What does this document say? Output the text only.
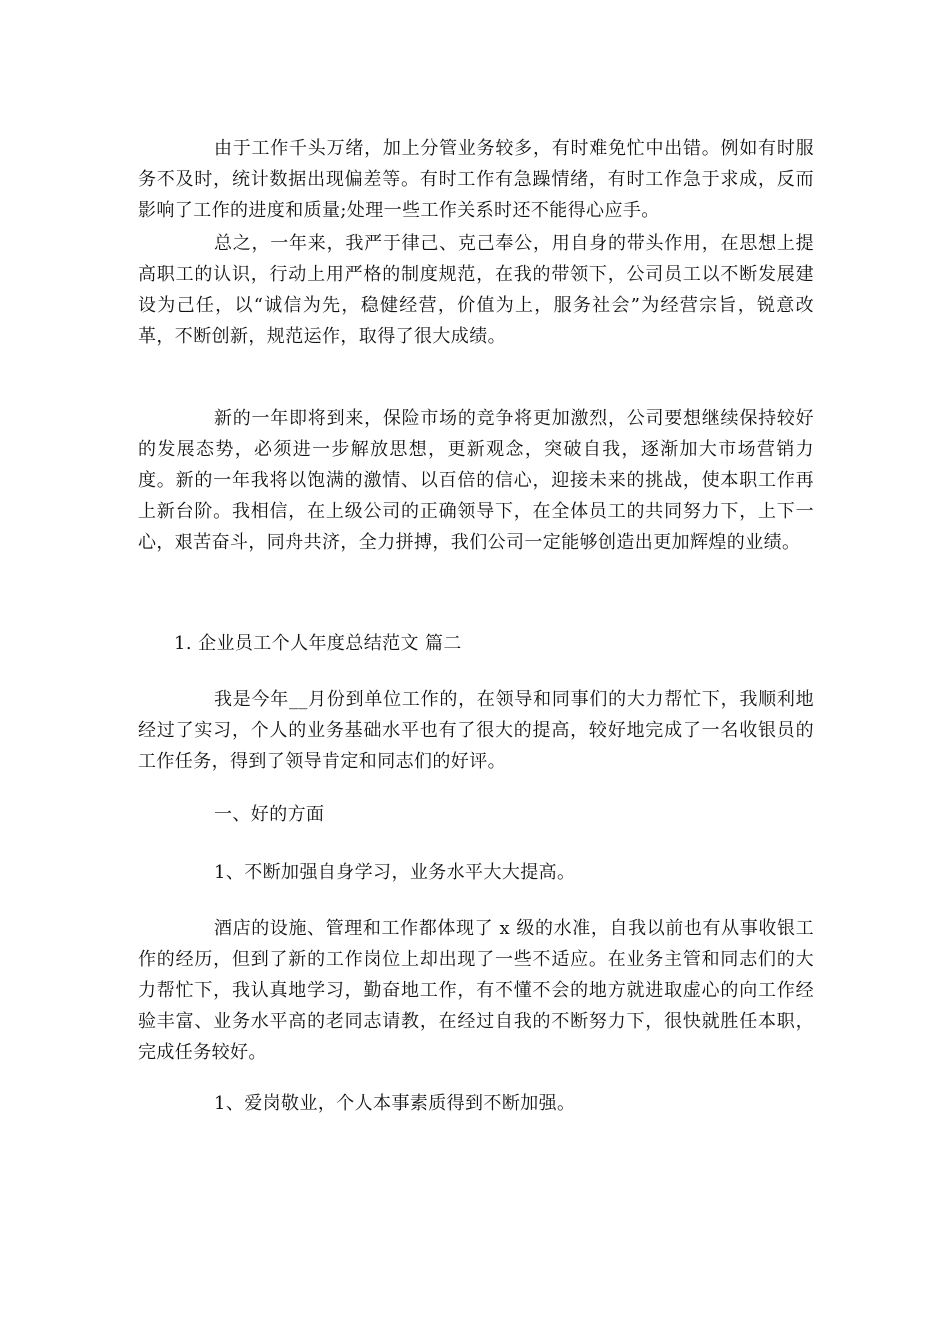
由于工作千头万绪，加上分管业务较多，有时难免忙中出错。例如有时服务不及时，统计数据出现偏差等。有时工作有急躁情绪，有时工作急于求成，反而影响了工作的进度和质量;处理一些工作关系时还不能得心应手。

总之，一年来，我严于律己、克己奉公，用自身的带头作用，在思想上提高职工的认识，行动上用严格的制度规范，在我的带领下，公司员工以不断发展建设为己任，以“诚信为先，稳健经营，价值为上，服务社会”为经营宗旨，锐意改革，不断创新，规范运作，取得了很大成绩。

新的一年即将到来，保险市场的竞争将更加激烈，公司要想继续保持较好的发展态势，必须进一步解放思想，更新观念，突破自我，逐渐加大市场营销力度。新的一年我将以饱满的激情、以百倍的信心，迎接未来的挑战，使本职工作再上新台阶。我相信，在上级公司的正确领导下，在全体员工的共同努力下，上下一心，艰苦奋斗，同舟共济，全力拼搏，我们公司一定能够创造出更加辉煌的业绩。

1. 企业员工个人年度总结范文 篇二

我是今年__月份到单位工作的，在领导和同事们的大力帮忙下，我顺利地经过了实习，个人的业务基础水平也有了很大的提高，较好地完成了一名收银员的工作任务，得到了领导肯定和同志们的好评。

一、好的方面

1、不断加强自身学习，业务水平大大提高。

酒店的设施、管理和工作都体现了 x 级的水准，自我以前也有从事收银工作的经历，但到了新的工作岗位上却出现了一些不适应。在业务主管和同志们的大力帮忙下，我认真地学习，勤奋地工作，有不懂不会的地方就进取虚心的向工作经验丰富、业务水平高的老同志请教，在经过自我的不断努力下，很快就胜任本职，完成任务较好。

1、爱岗敬业，个人本事素质得到不断加强。
